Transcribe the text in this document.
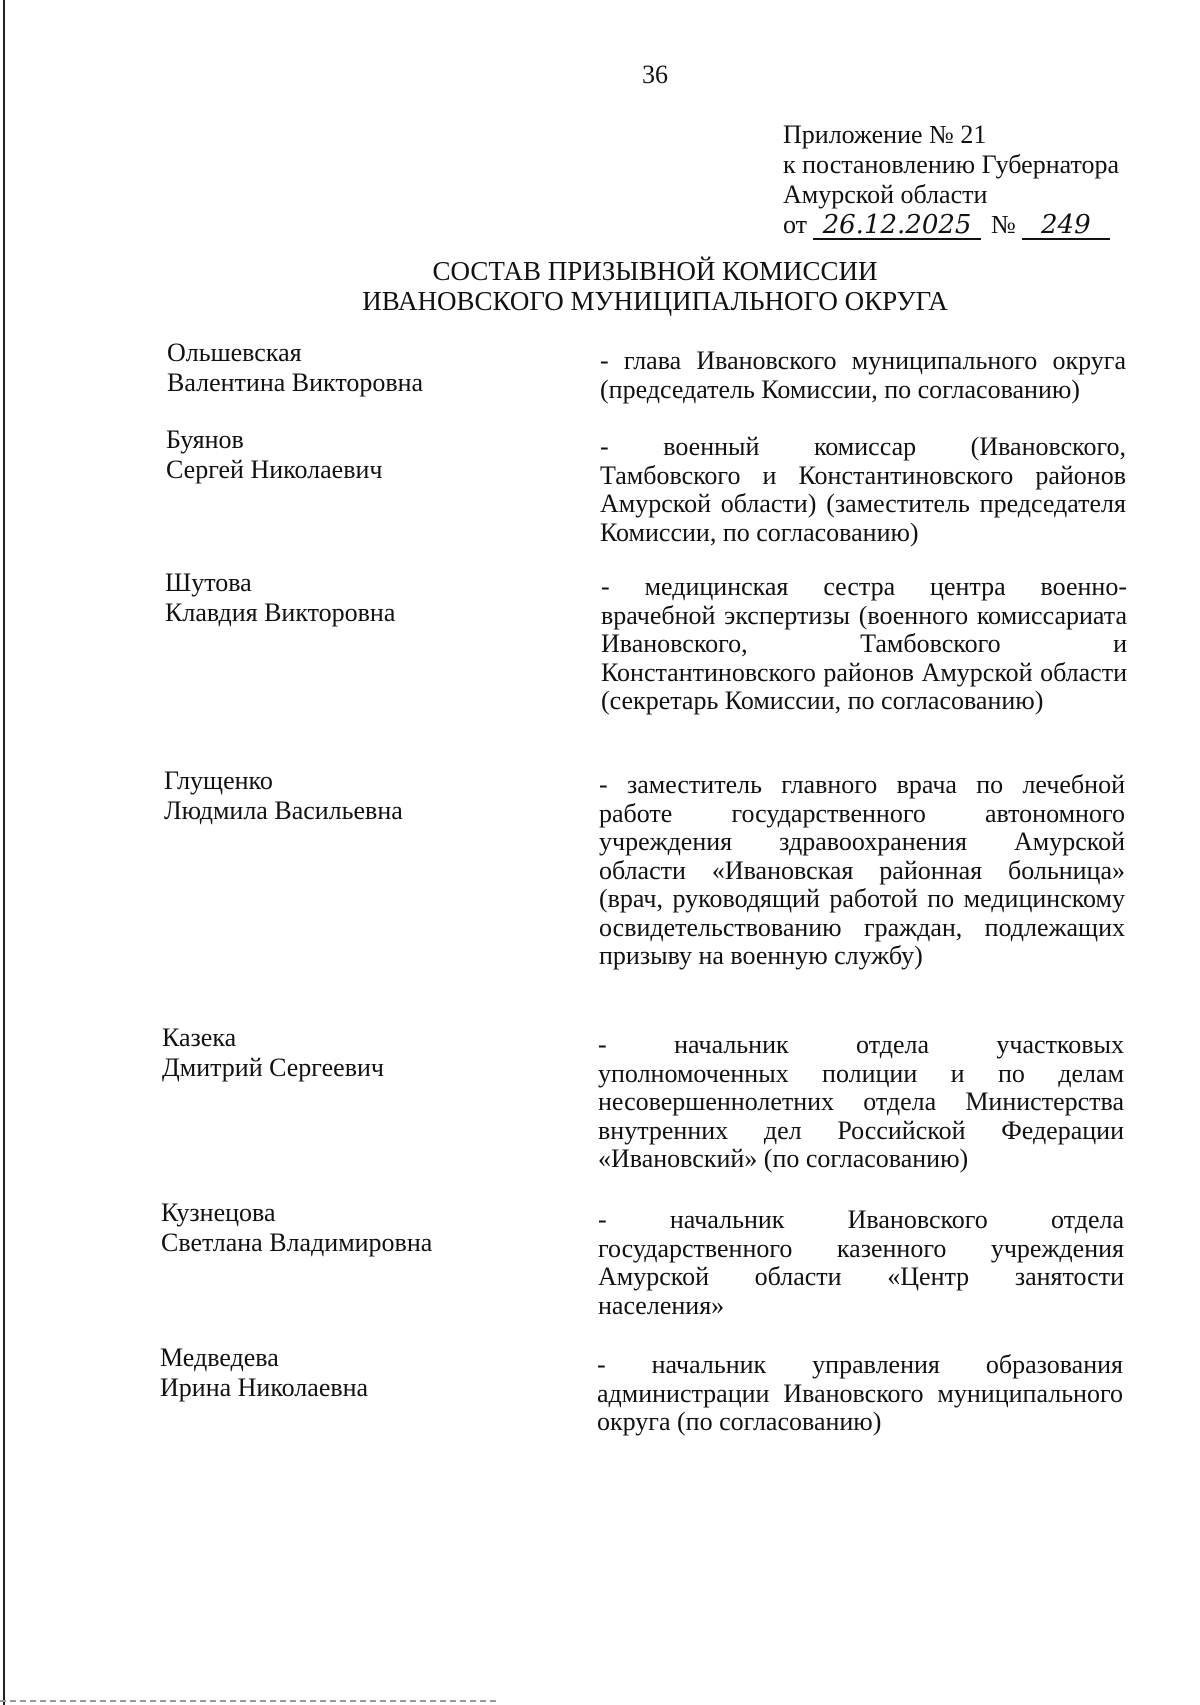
36
Приложение № 21
к постановлению Губернатора
Амурской области
от 26.12.2025 № 249
СОСТАВ ПРИЗЫВНОЙ КОМИССИИ
ИВАНОВСКОГО МУНИЦИПАЛЬНОГО ОКРУГА
Ольшевская
Валентина Викторовна
- глава Ивановского муниципального округа (председатель Комиссии, по согласованию)
Буянов
Сергей Николаевич
- военный комиссар (Ивановского, Тамбовского и Константиновского районов Амурской области) (заместитель председателя Комиссии, по согласованию)
Шутова
Клавдия Викторовна
- медицинская сестра центра военно-врачебной экспертизы (военного комиссариата Ивановского, Тамбовского и Константиновского районов Амурской области (секретарь Комиссии, по согласованию)
Глущенко
Людмила Васильевна
- заместитель главного врача по лечебной работе государственного автономного учреждения здравоохранения Амурской области «Ивановская районная больница» (врач, руководящий работой по медицинскому освидетельствованию граждан, подлежащих призыву на военную службу)
Казека
Дмитрий Сергеевич
- начальник отдела участковых уполномоченных полиции и по делам несовершеннолетних отдела Министерства внутренних дел Российской Федерации «Ивановский» (по согласованию)
Кузнецова
Светлана Владимировна
- начальник Ивановского отдела государственного казенного учреждения Амурской области «Центр занятости населения»
Медведева
Ирина Николаевна
- начальник управления образования администрации Ивановского муниципального округа (по согласованию)
